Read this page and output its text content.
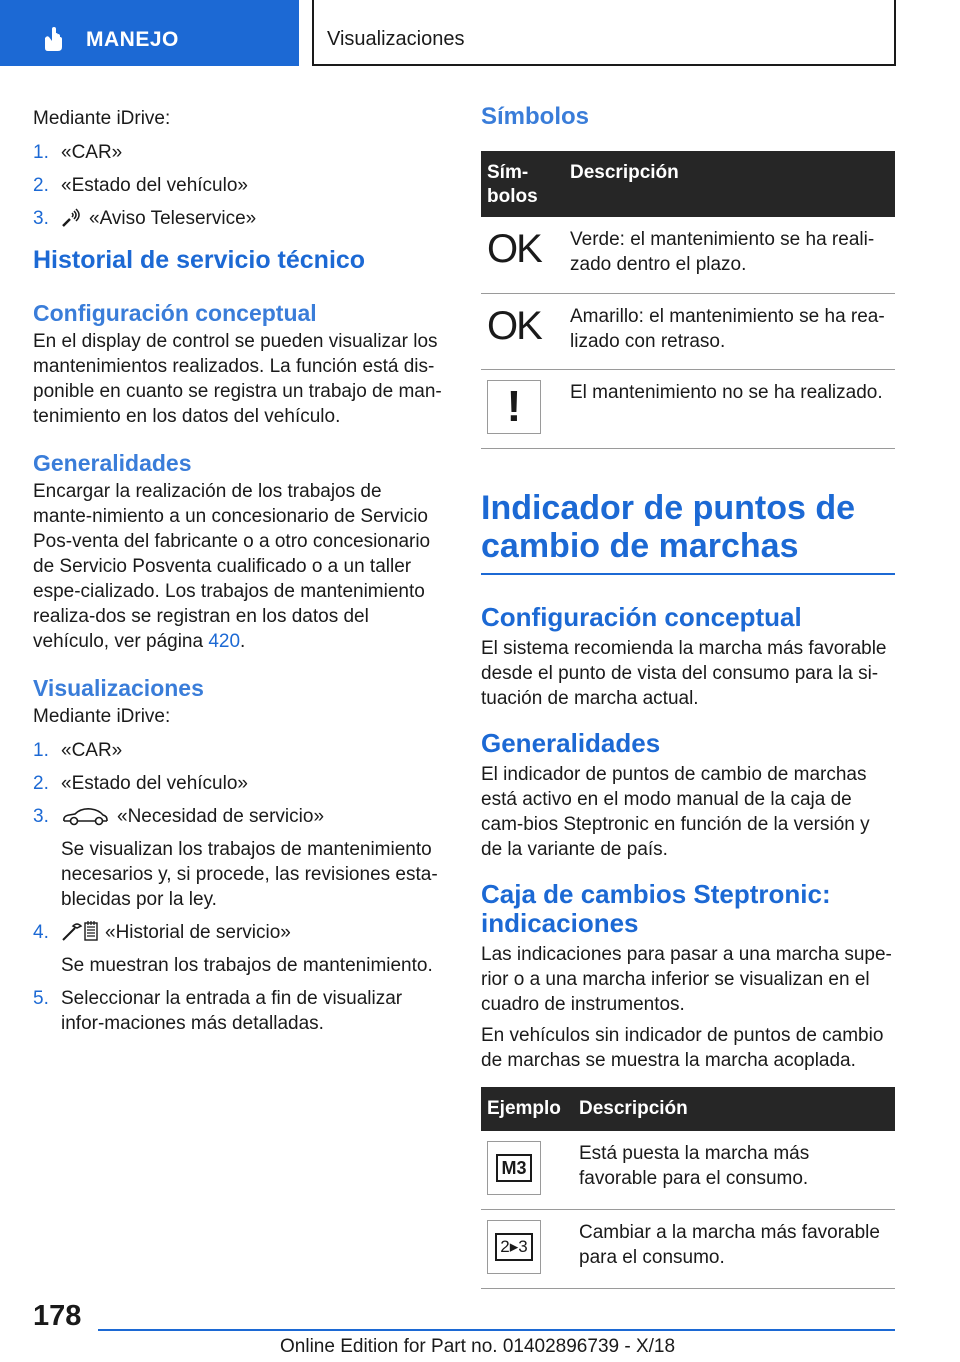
MANEJO	Visualizaciones

Mediante iDrive:

1. «CAR»
2. «Estado del vehículo»
3. «Aviso Teleservice»
Historial de servicio técnico
Configuración conceptual

En el display de control se pueden visualizar los mantenimientos realizados. La función está dis-ponible en cuanto se registra un trabajo de man-tenimiento en los datos del vehículo.

Generalidades

Encargar la realización de los trabajos de mante-nimiento a un concesionario de Servicio Pos-venta del fabricante o a otro concesionario de Servicio Posventa cualificado o a un taller espe-cializado. Los trabajos de mantenimiento realiza-dos se registran en los datos del vehículo, ver página 420.

Visualizaciones

Mediante iDrive:

1. «CAR»
2. «Estado del vehículo»
3.	«Necesidad de servicio»
Se visualizan los trabajos de mantenimiento necesarios y, si procede, las revisiones esta-blecidas por la ley.
4.	«Historial de servicio»
Se muestran los trabajos de mantenimiento.
5. Seleccionar la entrada a fin de visualizar infor-maciones más detalladas.
Símbolos
Sím-bolos	Descripción
OK	Verde: el mantenimiento se ha reali-zado dentro el plazo.
OK	Amarillo: el mantenimiento se ha rea-lizado con retraso.

!	El mantenimiento no se ha realizado.
Indicador de puntos de cambio de marchas
Configuración conceptual

El sistema recomienda la marcha más favorable desde el punto de vista del consumo para la si-tuación de marcha actual.

Generalidades

El indicador de puntos de cambio de marchas está activo en el modo manual de la caja de cam-bios Steptronic en función de la versión y de la variante de país.

Caja de cambios Steptronic: indicaciones

Las indicaciones para pasar a una marcha supe-rior o a una marcha inferior se visualizan en el cuadro de instrumentos.

En vehículos sin indicador de puntos de cambio de marchas se muestra la marcha acoplada.

Ejemplo	Descripción

M3	Está puesta la marcha más favorable para el consumo.

2▸3	Cambiar a la marcha más favorable para el consumo.
178
Online Edition for Part no. 01402896739 - X/18
